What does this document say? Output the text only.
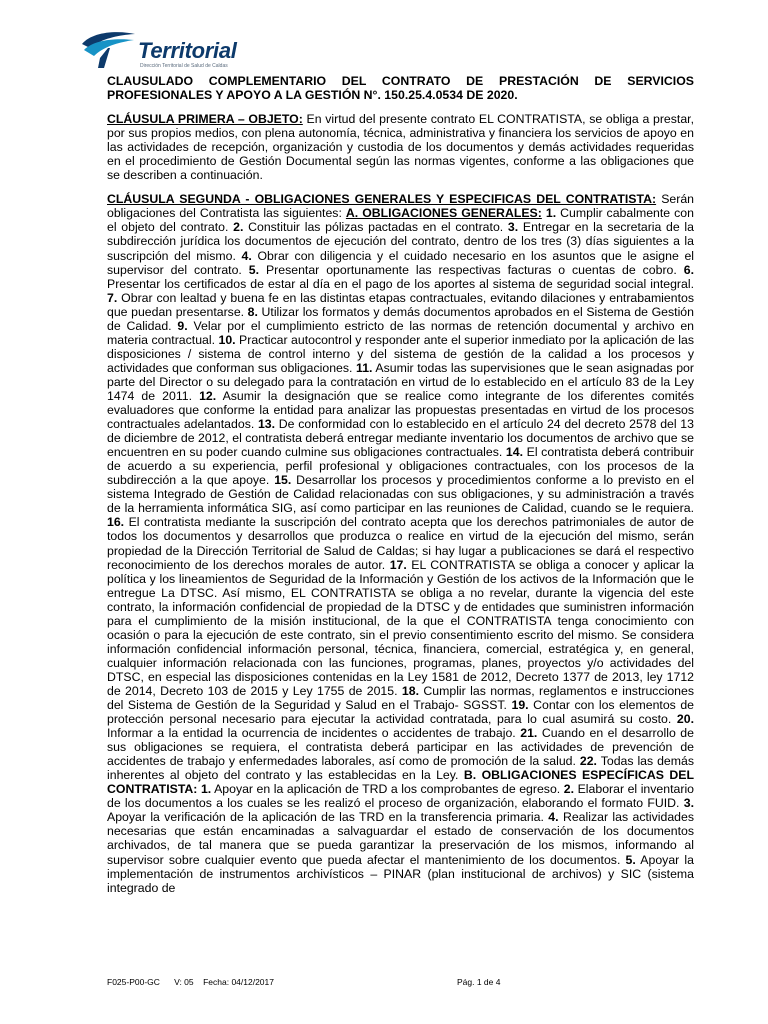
Territorial
Dirección Territorial de Salud de Caldas

CLAUSULADO COMPLEMENTARIO DEL CONTRATO DE PRESTACIÓN DE SERVICIOS PROFESIONALES Y APOYO A LA GESTIÓN N°. 150.25.4.0534 DE 2020.

CLÁUSULA PRIMERA – OBJETO: En virtud del presente contrato EL CONTRATISTA, se obliga a prestar, por sus propios medios, con plena autonomía, técnica, administrativa y financiera los servicios de apoyo en las actividades de recepción, organización y custodia de los documentos y demás actividades requeridas en el procedimiento de Gestión Documental según las normas vigentes, conforme a las obligaciones que se describen a continuación.

CLÁUSULA SEGUNDA - OBLIGACIONES GENERALES Y ESPECIFICAS DEL CONTRATISTA: Serán obligaciones del Contratista las siguientes: A. OBLIGACIONES GENERALES: 1. Cumplir cabalmente con el objeto del contrato. 2. Constituir las pólizas pactadas en el contrato. 3. Entregar en la secretaria de la subdirección jurídica los documentos de ejecución del contrato, dentro de los tres (3) días siguientes a la suscripción del mismo. 4. Obrar con diligencia y el cuidado necesario en los asuntos que le asigne el supervisor del contrato. 5. Presentar oportunamente las respectivas facturas o cuentas de cobro. 6. Presentar los certificados de estar al día en el pago de los aportes al sistema de seguridad social integral. 7. Obrar con lealtad y buena fe en las distintas etapas contractuales, evitando dilaciones y entrabamientos que puedan presentarse. 8. Utilizar los formatos y demás documentos aprobados en el Sistema de Gestión de Calidad. 9. Velar por el cumplimiento estricto de las normas de retención documental y archivo en materia contractual. 10. Practicar autocontrol y responder ante el superior inmediato por la aplicación de las disposiciones / sistema de control interno y del sistema de gestión de la calidad a los procesos y actividades que conforman sus obligaciones. 11. Asumir todas las supervisiones que le sean asignadas por parte del Director o su delegado para la contratación en virtud de lo establecido en el artículo 83 de la Ley 1474 de 2011. 12. Asumir la designación que se realice como integrante de los diferentes comités evaluadores que conforme la entidad para analizar las propuestas presentadas en virtud de los procesos contractuales adelantados. 13. De conformidad con lo establecido en el artículo 24 del decreto 2578 del 13 de diciembre de 2012, el contratista deberá entregar mediante inventario los documentos de archivo que se encuentren en su poder cuando culmine sus obligaciones contractuales. 14. El contratista deberá contribuir de acuerdo a su experiencia, perfil profesional y obligaciones contractuales, con los procesos de la subdirección a la que apoye. 15. Desarrollar los procesos y procedimientos conforme a lo previsto en el sistema Integrado de Gestión de Calidad relacionadas con sus obligaciones, y su administración a través de la herramienta informática SIG, así como participar en las reuniones de Calidad, cuando se le requiera. 16. El contratista mediante la suscripción del contrato acepta que los derechos patrimoniales de autor de todos los documentos y desarrollos que produzca o realice en virtud de la ejecución del mismo, serán propiedad de la Dirección Territorial de Salud de Caldas; si hay lugar a publicaciones se dará el respectivo reconocimiento de los derechos morales de autor. 17. EL CONTRATISTA se obliga a conocer y aplicar la política y los lineamientos de Seguridad de la Información y Gestión de los activos de la Información que le entregue La DTSC. Así mismo, EL CONTRATISTA se obliga a no revelar, durante la vigencia del este contrato, la información confidencial de propiedad de la DTSC y de entidades que suministren información para el cumplimiento de la misión institucional, de la que el CONTRATISTA tenga conocimiento con ocasión o para la ejecución de este contrato, sin el previo consentimiento escrito del mismo. Se considera información confidencial información personal, técnica, financiera, comercial, estratégica y, en general, cualquier información relacionada con las funciones, programas, planes, proyectos y/o actividades del DTSC, en especial las disposiciones contenidas en la Ley 1581 de 2012, Decreto 1377 de 2013, ley 1712 de 2014, Decreto 103 de 2015 y Ley 1755 de 2015. 18. Cumplir las normas, reglamentos e instrucciones del Sistema de Gestión de la Seguridad y Salud en el Trabajo- SGSST. 19. Contar con los elementos de protección personal necesario para ejecutar la actividad contratada, para lo cual asumirá su costo. 20. Informar a la entidad la ocurrencia de incidentes o accidentes de trabajo. 21. Cuando en el desarrollo de sus obligaciones se requiera, el contratista deberá participar en las actividades de prevención de accidentes de trabajo y enfermedades laborales, así como de promoción de la salud. 22. Todas las demás inherentes al objeto del contrato y las establecidas en la Ley. B. OBLIGACIONES ESPECÍFICAS DEL CONTRATISTA: 1. Apoyar en la aplicación de TRD a los comprobantes de egreso. 2. Elaborar el inventario de los documentos a los cuales se les realizó el proceso de organización, elaborando el formato FUID. 3. Apoyar la verificación de la aplicación de las TRD en la transferencia primaria. 4. Realizar las actividades necesarias que están encaminadas a salvaguardar el estado de conservación de los documentos archivados, de tal manera que se pueda garantizar la preservación de los mismos, informando al supervisor sobre cualquier evento que pueda afectar el mantenimiento de los documentos. 5. Apoyar la implementación de instrumentos archivísticos – PINAR (plan institucional de archivos) y SIC (sistema integrado de

F025-P00-GC V: 05 Fecha: 04/12/2017	Pág. 1 de 4
